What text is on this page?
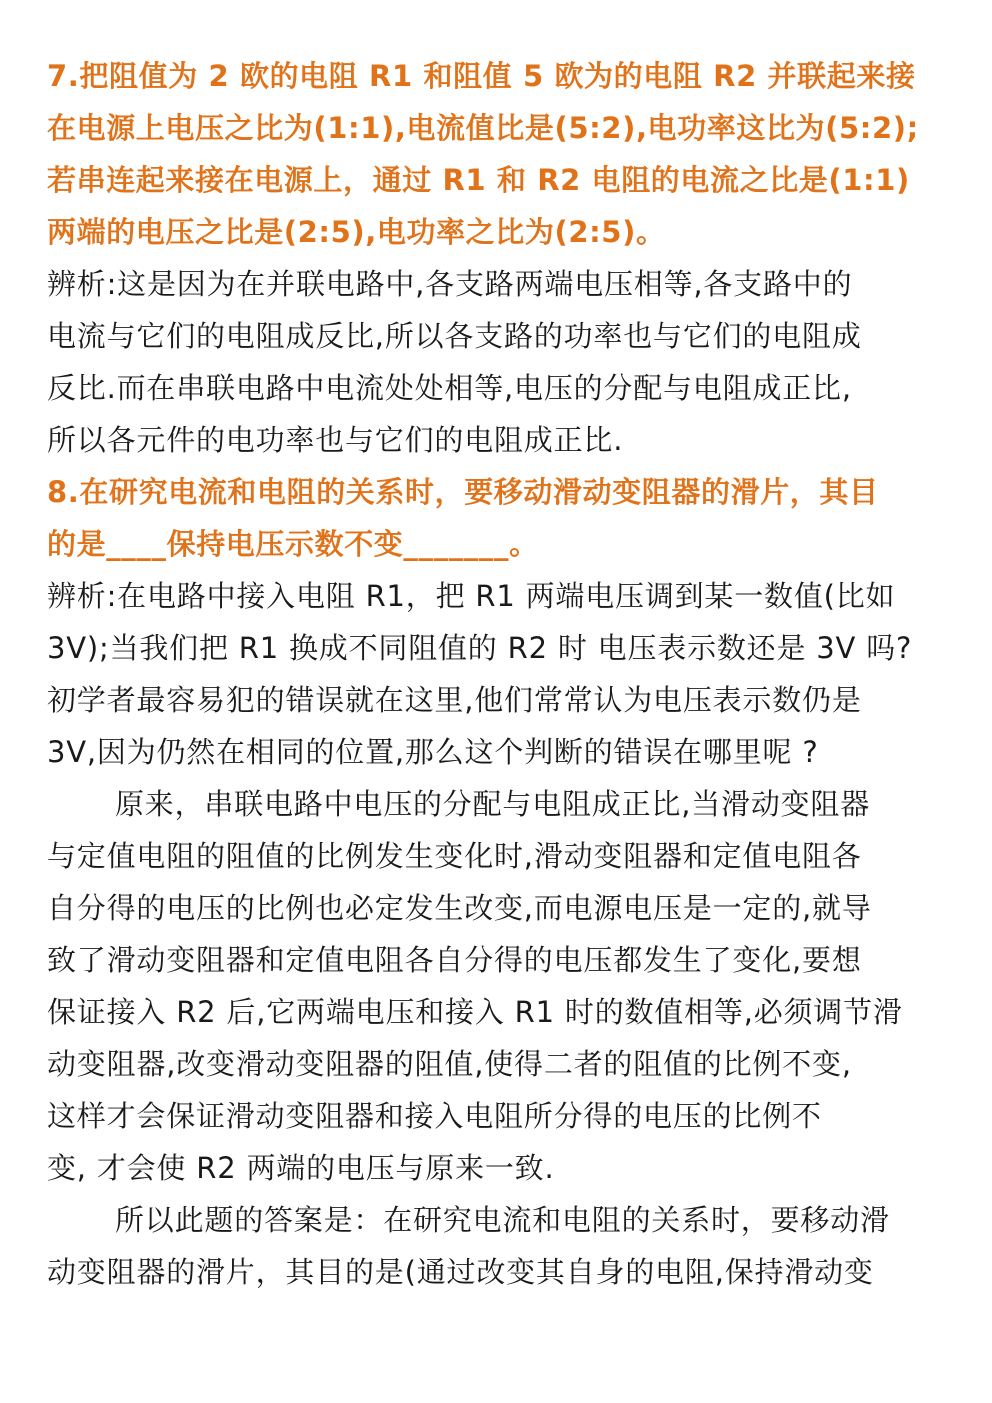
7.把阻值为 2 欧的电阻 R1 和阻值 5 欧为的电阻 R2 并联起来接
在电源上电压之比为(1:1),电流值比是(5:2),电功率这比为(5:2);
若串连起来接在电源上，通过 R1 和 R2 电阻的电流之比是(1:1)
两端的电压之比是(2:5),电功率之比为(2:5)。
辨析:这是因为在并联电路中,各支路两端电压相等,各支路中的
电流与它们的电阻成反比,所以各支路的功率也与它们的电阻成
反比.而在串联电路中电流处处相等,电压的分配与电阻成正比,
所以各元件的电功率也与它们的电阻成正比.
8.在研究电流和电阻的关系时，要移动滑动变阻器的滑片，其目
的是____保持电压示数不变_______。
辨析:在电路中接入电阻 R1，把 R1 两端电压调到某一数值(比如
3V);当我们把 R1 换成不同阻值的 R2 时 电压表示数还是 3V 吗?
初学者最容易犯的错误就在这里,他们常常认为电压表示数仍是
3V,因为仍然在相同的位置,那么这个判断的错误在哪里呢 ?
原来，串联电路中电压的分配与电阻成正比,当滑动变阻器
与定值电阻的阻值的比例发生变化时,滑动变阻器和定值电阻各
自分得的电压的比例也必定发生改变,而电源电压是一定的,就导
致了滑动变阻器和定值电阻各自分得的电压都发生了变化,要想
保证接入 R2 后,它两端电压和接入 R1 时的数值相等,必须调节滑
动变阻器,改变滑动变阻器的阻值,使得二者的阻值的比例不变,
这样才会保证滑动变阻器和接入电阻所分得的电压的比例不
变, 才会使 R2 两端的电压与原来一致.
所以此题的答案是：在研究电流和电阻的关系时，要移动滑
动变阻器的滑片，其目的是(通过改变其自身的电阻,保持滑动变
